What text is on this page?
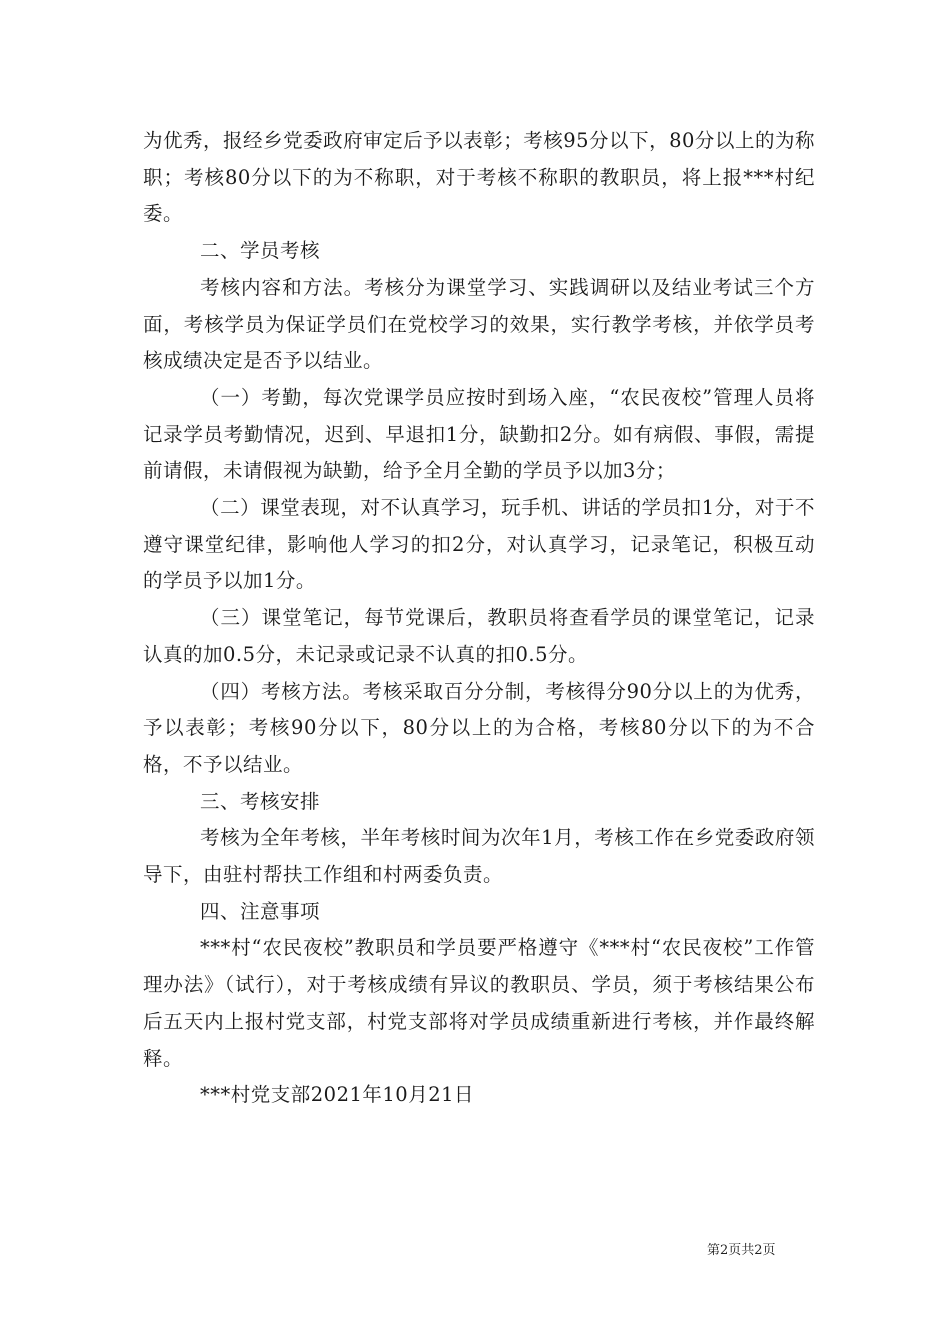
为优秀，报经乡党委政府审定后予以表彰；考核95分以下，80分以上的为称职；考核80分以下的为不称职，对于考核不称职的教职员，将上报***村纪委。

二、学员考核

考核内容和方法。考核分为课堂学习、实践调研以及结业考试三个方面，考核学员为保证学员们在党校学习的效果，实行教学考核，并依学员考核成绩决定是否予以结业。

（一）考勤，每次党课学员应按时到场入座，“农民夜校”管理人员将记录学员考勤情况，迟到、早退扣1分，缺勤扣2分。如有病假、事假，需提前请假，未请假视为缺勤，给予全月全勤的学员予以加3分；

（二）课堂表现，对不认真学习，玩手机、讲话的学员扣1分，对于不遵守课堂纪律，影响他人学习的扣2分，对认真学习，记录笔记，积极互动的学员予以加1分。

（三）课堂笔记，每节党课后，教职员将查看学员的课堂笔记，记录认真的加0.5分，未记录或记录不认真的扣0.5分。

（四）考核方法。考核采取百分分制，考核得分90分以上的为优秀，予以表彰；考核90分以下，80分以上的为合格，考核80分以下的为不合格，不予以结业。

三、考核安排

考核为全年考核，半年考核时间为次年1月，考核工作在乡党委政府领导下，由驻村帮扶工作组和村两委负责。

四、注意事项

***村“农民夜校”教职员和学员要严格遵守《***村“农民夜校”工作管理办法》（试行），对于考核成绩有异议的教职员、学员，须于考核结果公布后五天内上报村党支部，村党支部将对学员成绩重新进行考核，并作最终解释。

***村党支部2021年10月21日

第2页共2页
